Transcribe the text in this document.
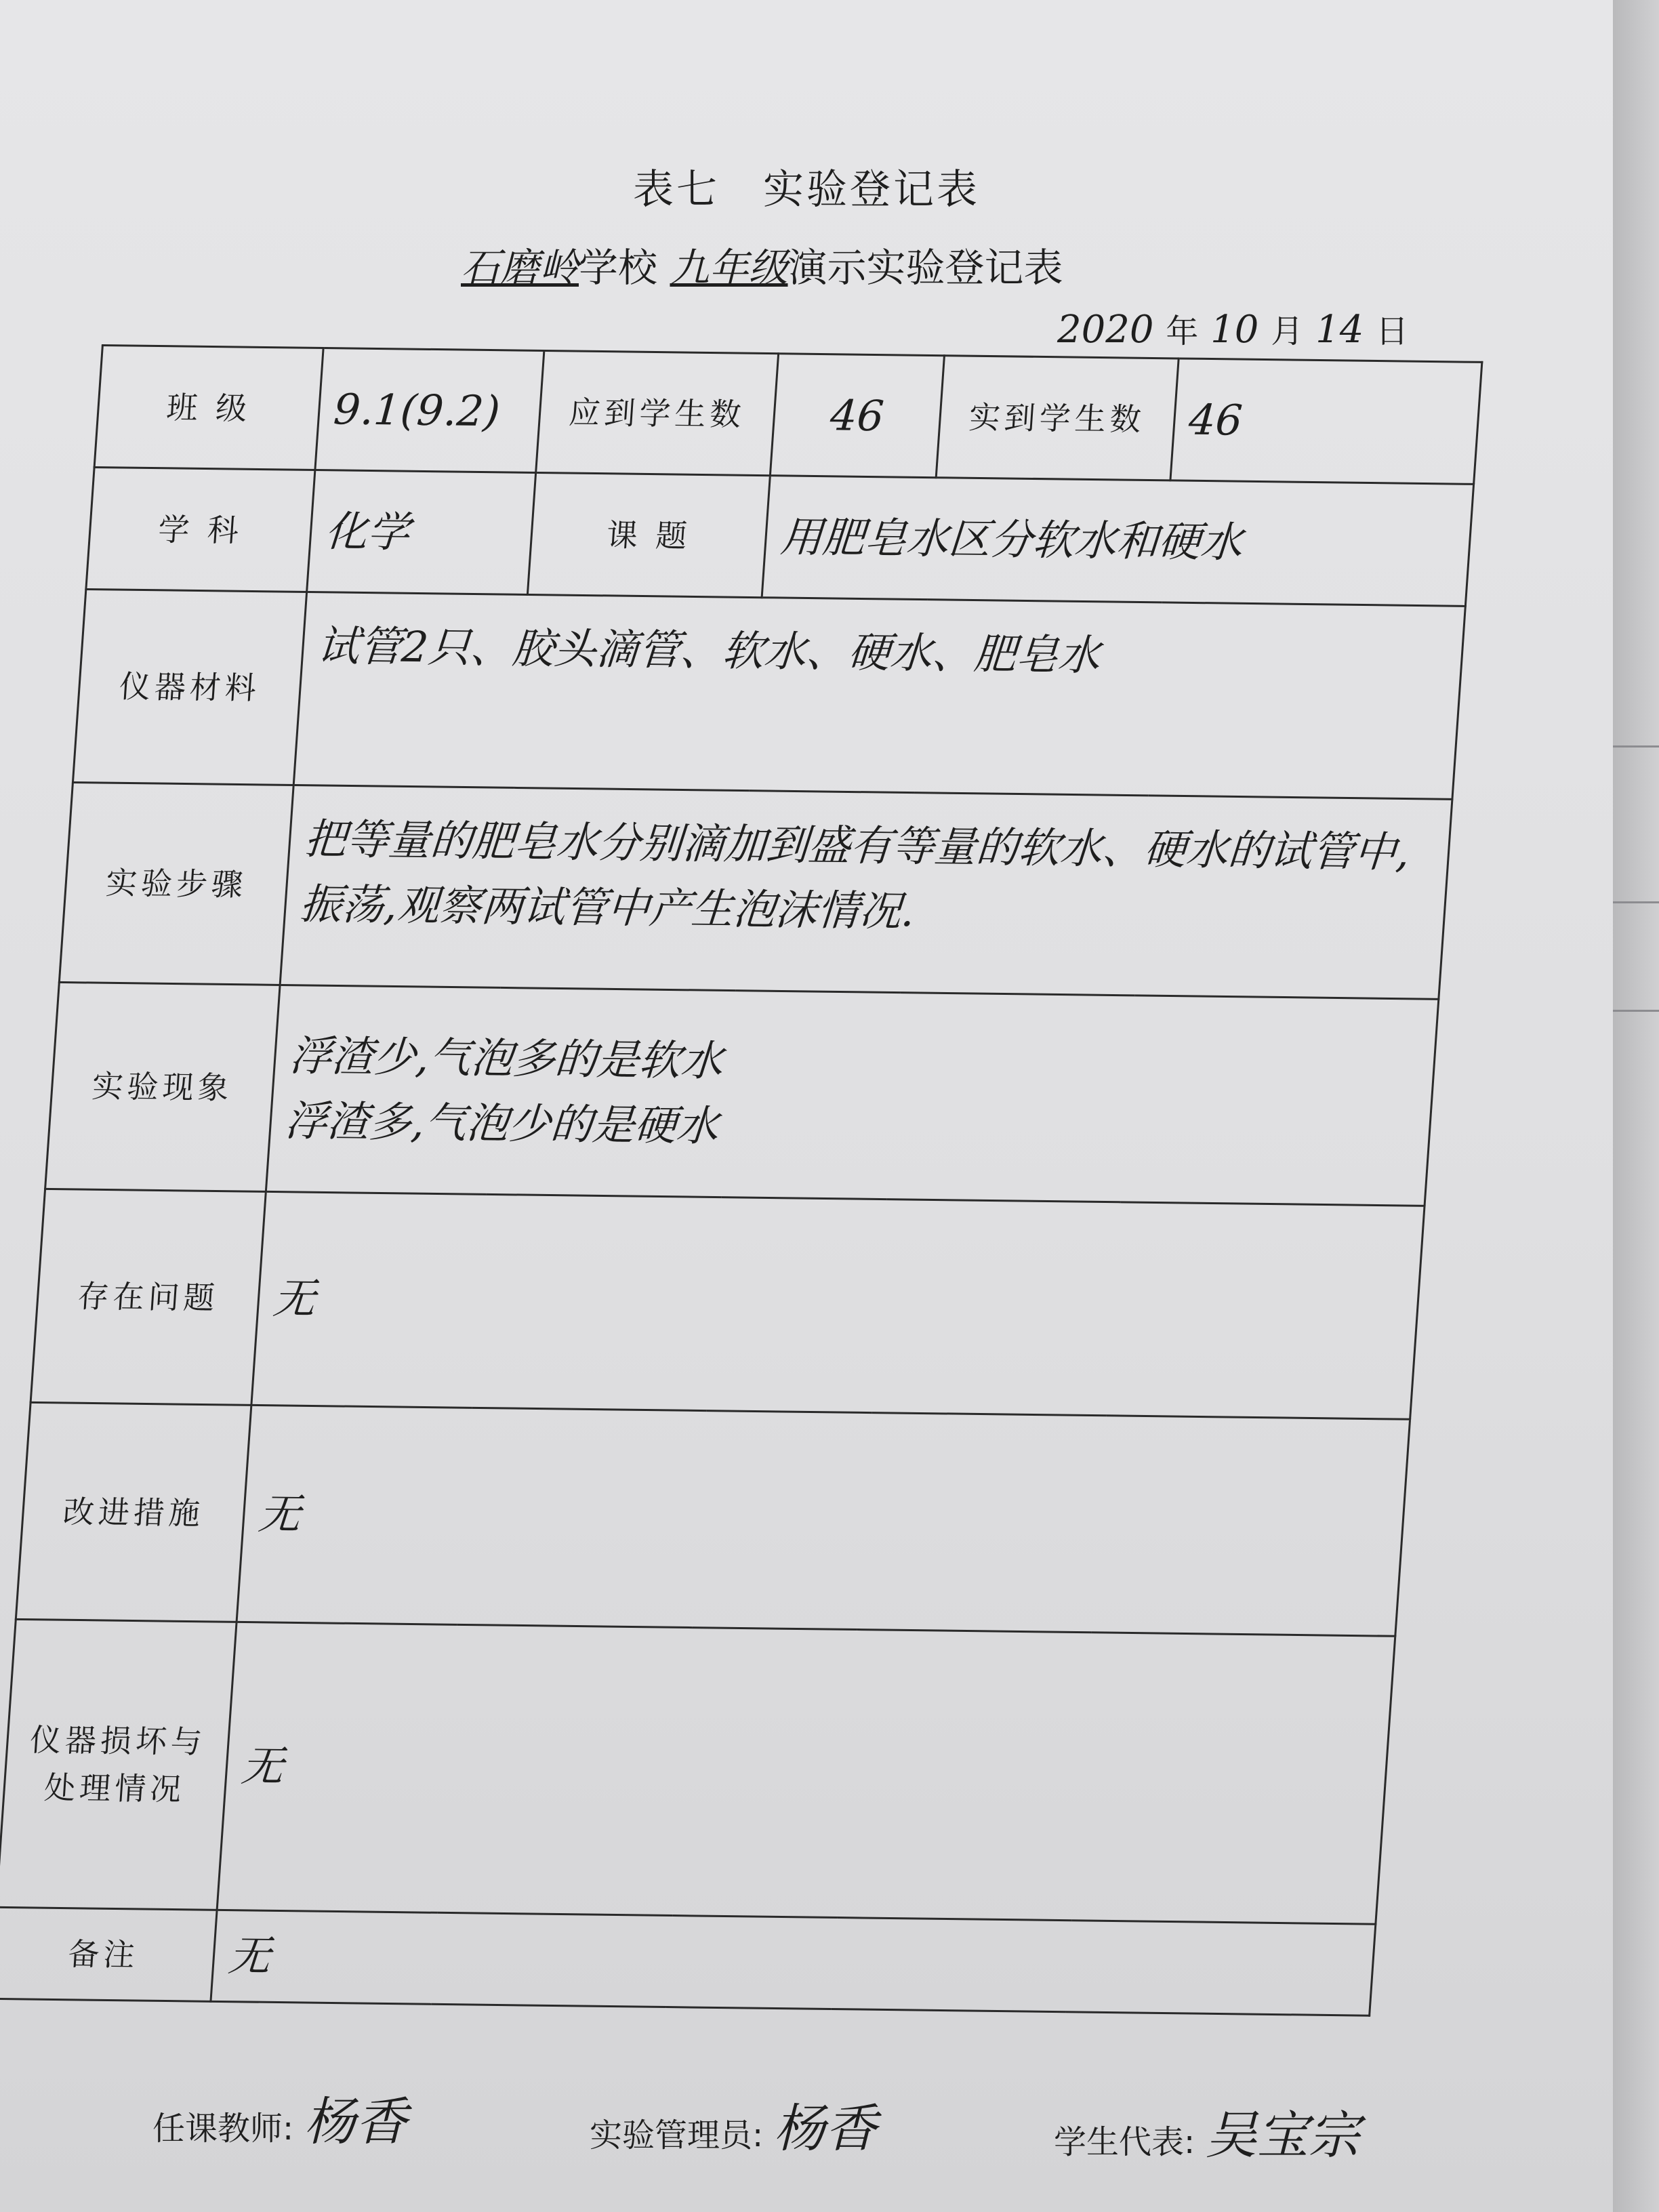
表七　实验登记表
石磨岭学校 九年级演示实验登记表
2020 年 10 月 14 日
班 级	9.1(9.2)	应到学生数	46	实到学生数	46
学 科	化学	课 题	用肥皂水区分软水和硬水		
仪器材料	试管2只、胶头滴管、软水、硬水、肥皂水				
实验步骤	把等量的肥皂水分别滴加到盛有等量的软水、硬水的试管中,振荡,观察两试管中产生泡沫情况.				
实验现象	浮渣少,气泡多的是软水
浮渣多,气泡少的是硬水				

存在问题	无				
改进措施	无				
仪器损坏与处理情况	无				
备注	无				
任课教师: 杨香	实验管理员: 杨香	学生代表: 吴宝宗
